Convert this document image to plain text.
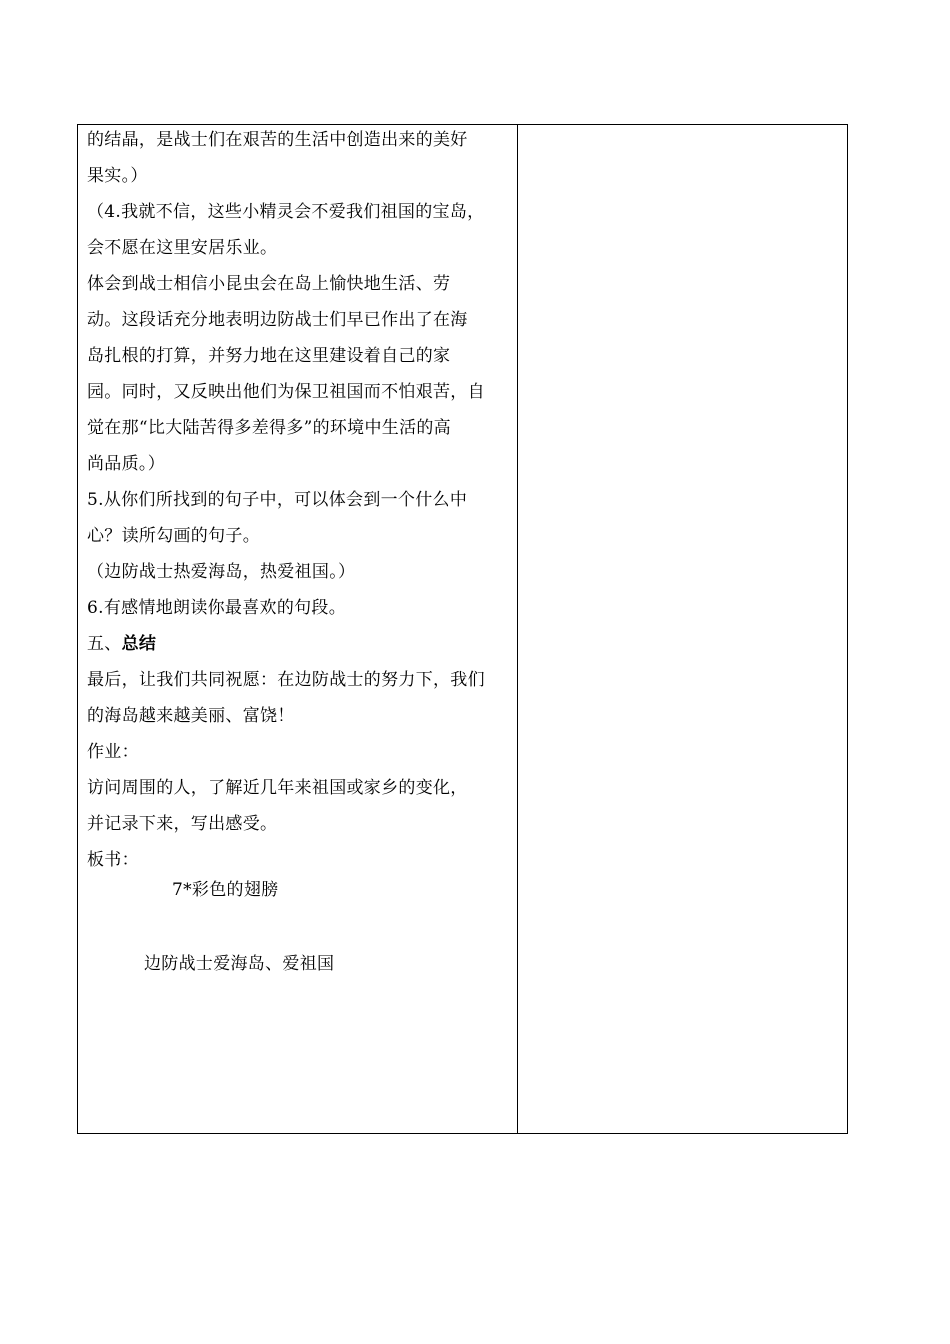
的结晶，是战士们在艰苦的生活中创造出来的美好
果实。）
（4.我就不信，这些小精灵会不爱我们祖国的宝岛，
会不愿在这里安居乐业。
体会到战士相信小昆虫会在岛上愉快地生活、劳
动。这段话充分地表明边防战士们早已作出了在海
岛扎根的打算，并努力地在这里建设着自己的家
园。同时，又反映出他们为保卫祖国而不怕艰苦，自
觉在那“比大陆苦得多差得多”的环境中生活的高
尚品质。）
5.从你们所找到的句子中，可以体会到一个什么中
心？读所勾画的句子。
（边防战士热爱海岛，热爱祖国。）
6.有感情地朗读你最喜欢的句段。
五、总结
最后，让我们共同祝愿：在边防战士的努力下，我们
的海岛越来越美丽、富饶！
作业：
访问周围的人，了解近几年来祖国或家乡的变化，
并记录下来，写出感受。
板书：
7*彩色的翅膀
边防战士爱海岛、爱祖国
